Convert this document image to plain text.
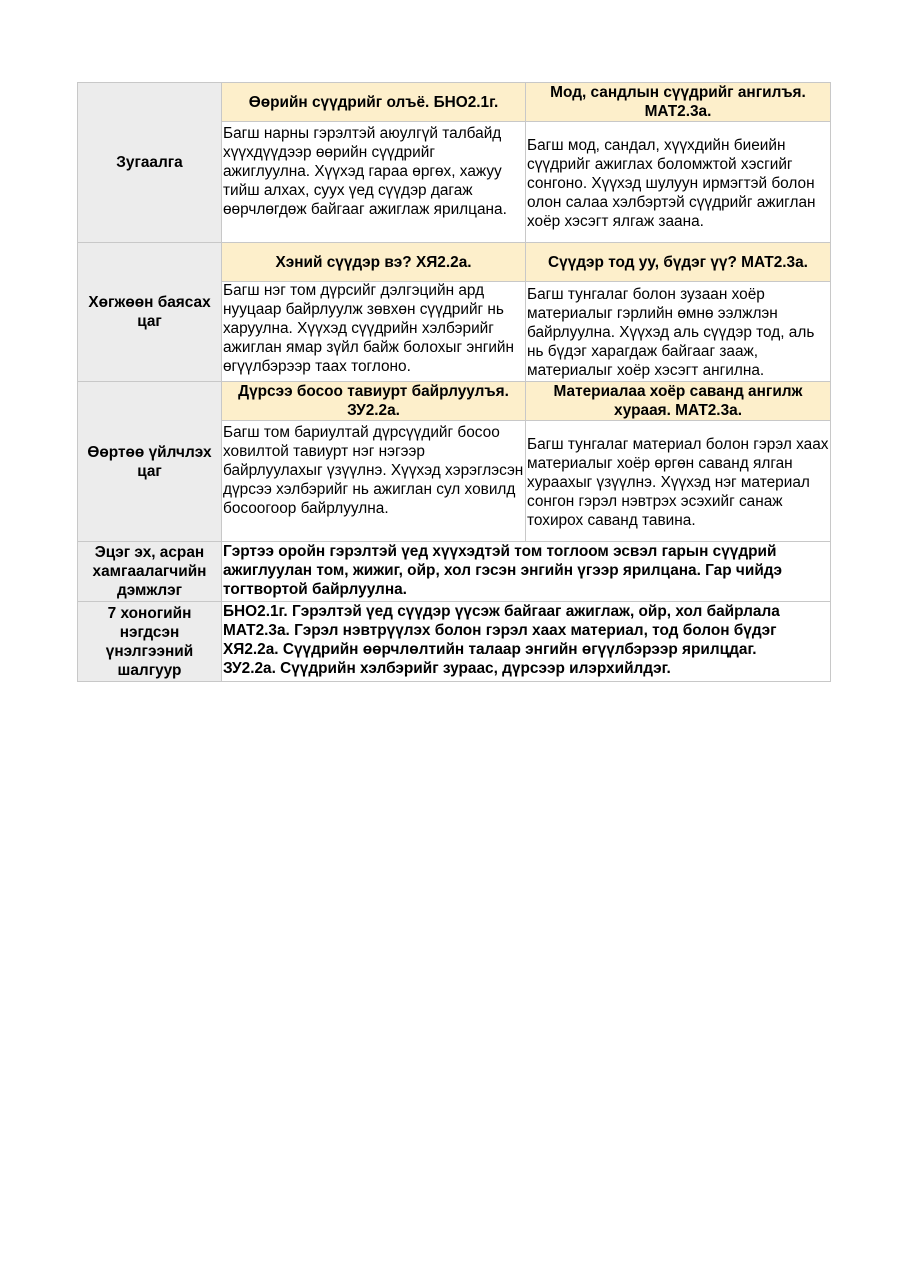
Зугаалга	Өөрийн сүүдрийг олъё. БНО2.1г.	Мод, сандлын сүүдрийг ангилъя. МАТ2.3а.
	Багш нарны гэрэлтэй аюулгүй талбайд хүүхдүүдээр өөрийн сүүдрийг ажиглуулна. Хүүхэд гараа өргөх, хажуу тийш алхах, суух үед сүүдэр дагаж өөрчлөгдөж байгааг ажиглаж ярилцана.	Багш мод, сандал, хүүхдийн биеийн сүүдрийг ажиглах боломжтой хэсгийг сонгоно. Хүүхэд шулуун ирмэгтэй болон олон салаа хэлбэртэй сүүдрийг ажиглан хоёр хэсэгт ялгаж заана.
Хөгжөөн баясах цаг	Хэний сүүдэр вэ? ХЯ2.2а.	Сүүдэр тод уу, бүдэг үү? МАТ2.3а.

	Багш нэг том дүрсийг дэлгэцийн ард нууцаар байрлуулж зөвхөн сүүдрийг нь харуулна. Хүүхэд сүүдрийн хэлбэрийг ажиглан ямар зүйл байж болохыг энгийн өгүүлбэрээр таах тоглоно.	Багш тунгалаг болон зузаан хоёр материалыг гэрлийн өмнө ээлжлэн байрлуулна. Хүүхэд аль сүүдэр тод, аль нь бүдэг харагдаж байгааг зааж, материалыг хоёр хэсэгт ангилна.
Өөртөө үйлчлэх цаг	Дүрсээ босоо тавиурт байрлуулъя. ЗУ2.2а.	Материалаа хоёр саванд ангилж хураая. МАТ2.3а.
	Багш том бариултай дүрсүүдийг босоо ховилтой тавиурт нэг нэгээр байрлуулахыг үзүүлнэ. Хүүхэд хэрэглэсэн дүрсээ хэлбэрийг нь ажиглан сул ховилд босоогоор байрлуулна.	Багш тунгалаг материал болон гэрэл хаах материалыг хоёр өргөн саванд ялган хураахыг үзүүлнэ. Хүүхэд нэг материал сонгон гэрэл нэвтрэх эсэхийг санаж тохирох саванд тавина.
Эцэг эх, асран хамгаалагчийн дэмжлэг	Гэртээ оройн гэрэлтэй үед хүүхэдтэй том тоглоом эсвэл гарын сүүдрий
ажиглуулан том, жижиг, ойр, хол гэсэн энгийн үгээр ярилцана. Гар чийдэ
тогтвортой байрлуулна.	

7 хоногийн нэгдсэн үнэлгээний шалгуур	БНО2.1г. Гэрэлтэй үед сүүдэр үүсэж байгааг ажиглаж, ойр, хол байрлала
МАТ2.3а. Гэрэл нэвтрүүлэх болон гэрэл хаах материал, тод болон бүдэг
ХЯ2.2а. Сүүдрийн өөрчлөлтийн талаар энгийн өгүүлбэрээр ярилцдаг.
ЗУ2.2а. Сүүдрийн хэлбэрийг зураас, дүрсээр илэрхийлдэг.	
